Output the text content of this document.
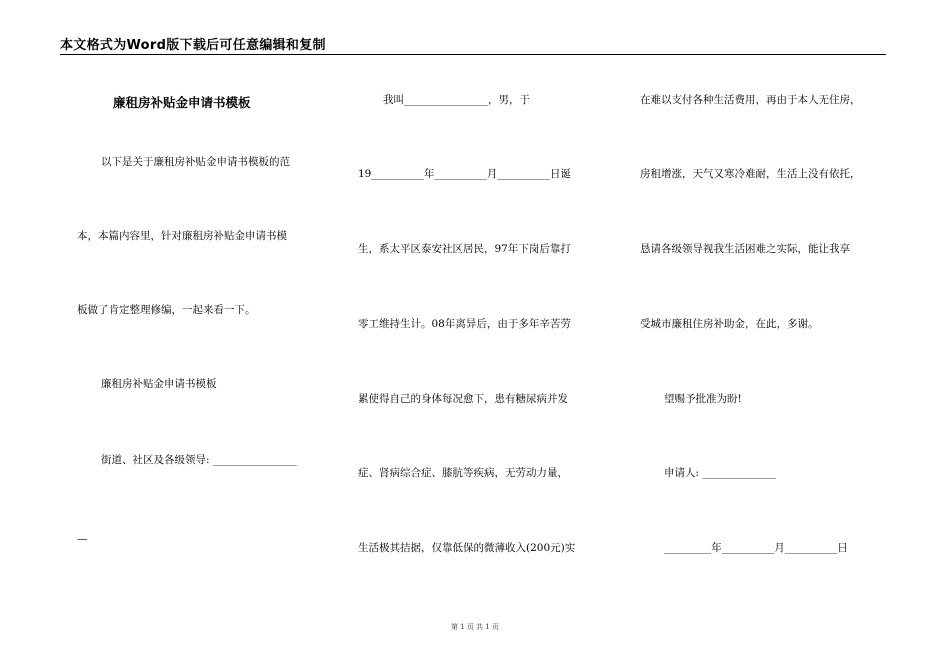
本文格式为Word版下载后可任意编辑和复制
廉租房补贴金申请书模板
以下是关于廉租房补贴金申请书模板的范
本，本篇内容里，针对廉租房补贴金申请书模
板做了肯定整理修编，一起来看一下。
廉租房补贴金申请书模板
街道、社区及各级领导: ________________
—
我叫________________，男，于
19__________年__________月__________日诞
生，系太平区泰安社区居民，97年下岗后靠打
零工维持生计。08年离异后，由于多年辛苦劳
累使得自己的身体每况愈下，患有糖尿病并发
症、肾病综合症、膝肮等疾病，无劳动力量，
生活极其拮据，仅靠低保的微薄收入(200元)实
在难以支付各种生活费用，再由于本人无住房，
房租增涨，天气又寒冷难耐，生活上没有依托，
恳请各级领导视我生活困难之实际，能让我享
受城市廉租住房补助金，在此，多谢。
望赐予批准为盼!
申请人: ______________
_________年__________月__________日
第 1 页 共 1 页
